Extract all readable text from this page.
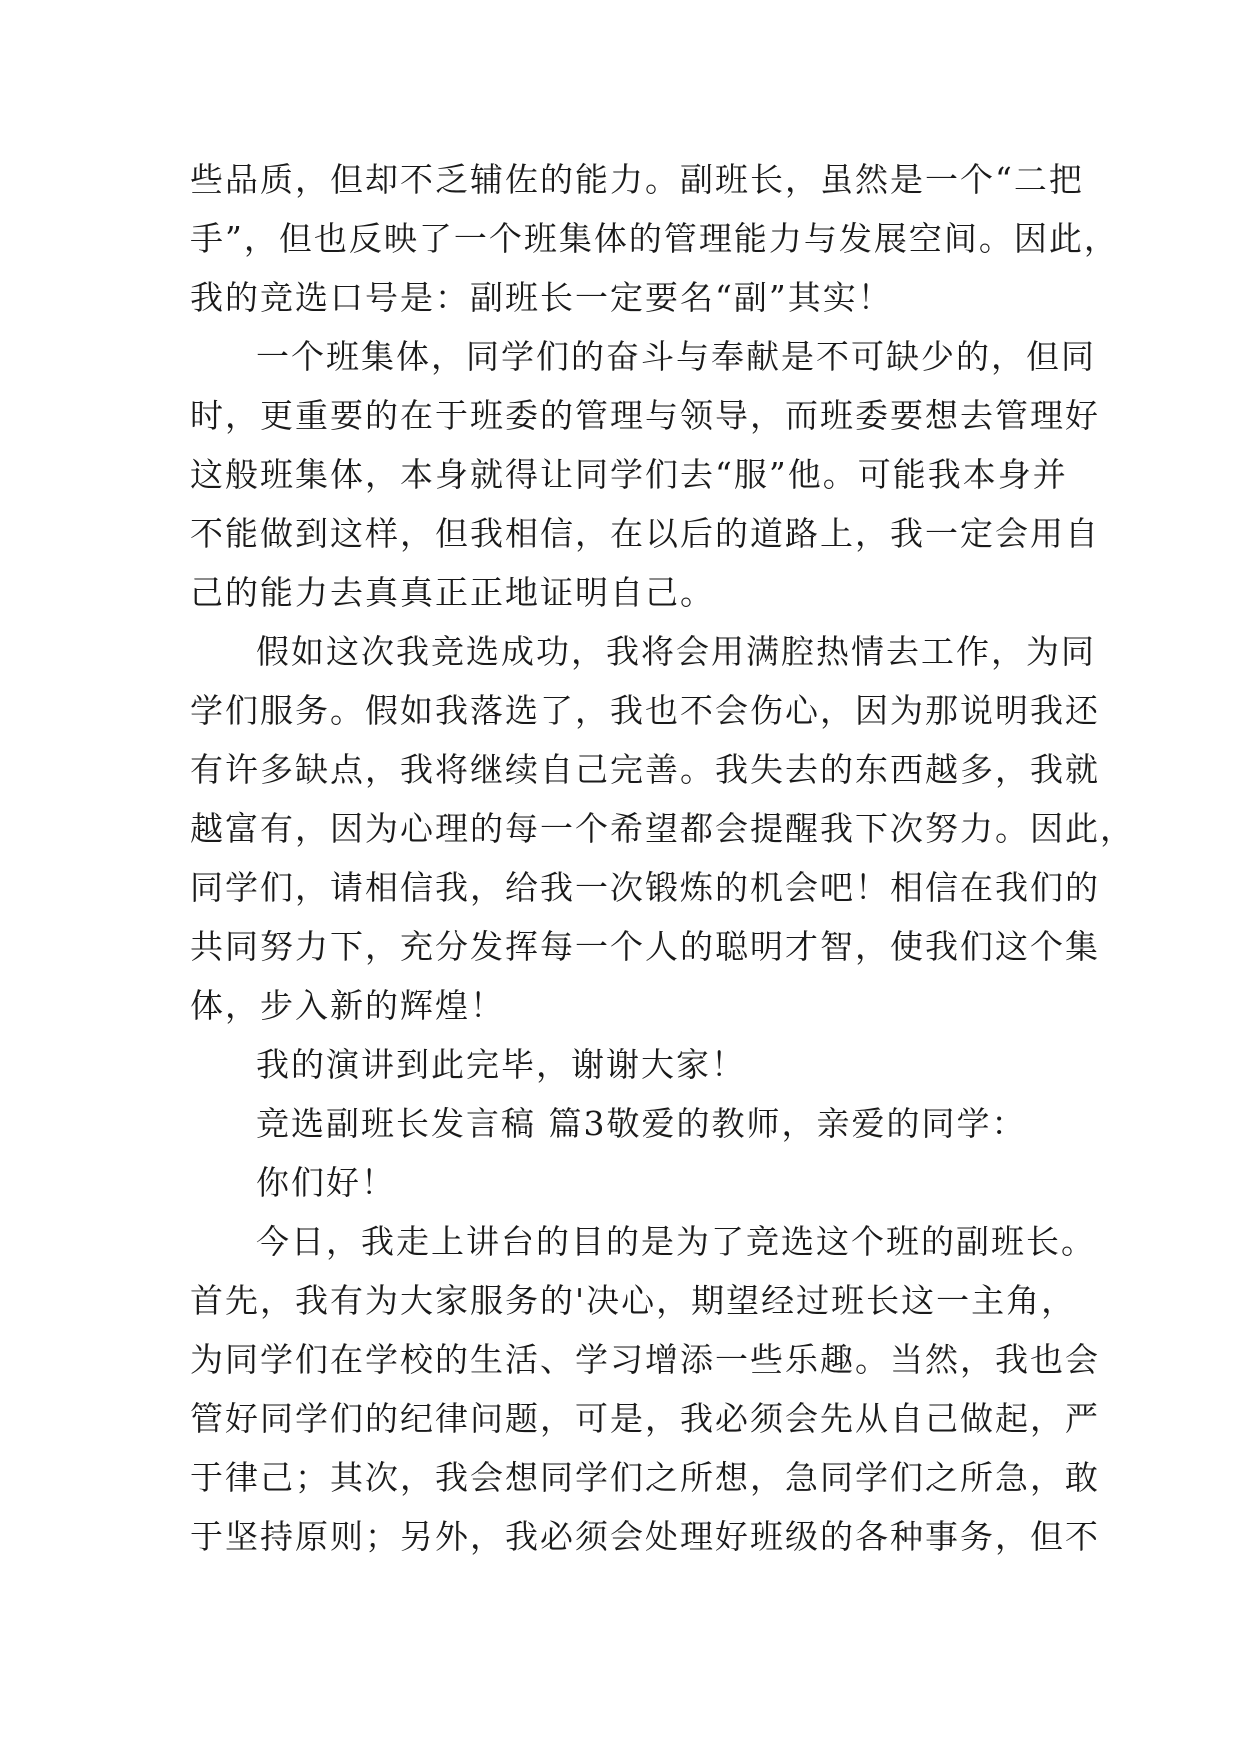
些品质，但却不乏辅佐的能力。副班长，虽然是一个“二把
手”，但也反映了一个班集体的管理能力与发展空间。因此，
我的竞选口号是：副班长一定要名“副”其实！
一个班集体，同学们的奋斗与奉献是不可缺少的，但同
时，更重要的在于班委的管理与领导，而班委要想去管理好
这般班集体，本身就得让同学们去“服”他。可能我本身并
不能做到这样，但我相信，在以后的道路上，我一定会用自
己的能力去真真正正地证明自己。
假如这次我竞选成功，我将会用满腔热情去工作，为同
学们服务。假如我落选了，我也不会伤心，因为那说明我还
有许多缺点，我将继续自己完善。我失去的东西越多，我就
越富有，因为心理的每一个希望都会提醒我下次努力。因此，
同学们，请相信我，给我一次锻炼的机会吧！相信在我们的
共同努力下，充分发挥每一个人的聪明才智，使我们这个集
体，步入新的辉煌！
我的演讲到此完毕，谢谢大家！
竞选副班长发言稿 篇3敬爱的教师，亲爱的同学：
你们好！
今日，我走上讲台的目的是为了竞选这个班的副班长。
首先，我有为大家服务的'决心，期望经过班长这一主角，
为同学们在学校的生活、学习增添一些乐趣。当然，我也会
管好同学们的纪律问题，可是，我必须会先从自己做起，严
于律己；其次，我会想同学们之所想，急同学们之所急，敢
于坚持原则；另外，我必须会处理好班级的各种事务，但不
